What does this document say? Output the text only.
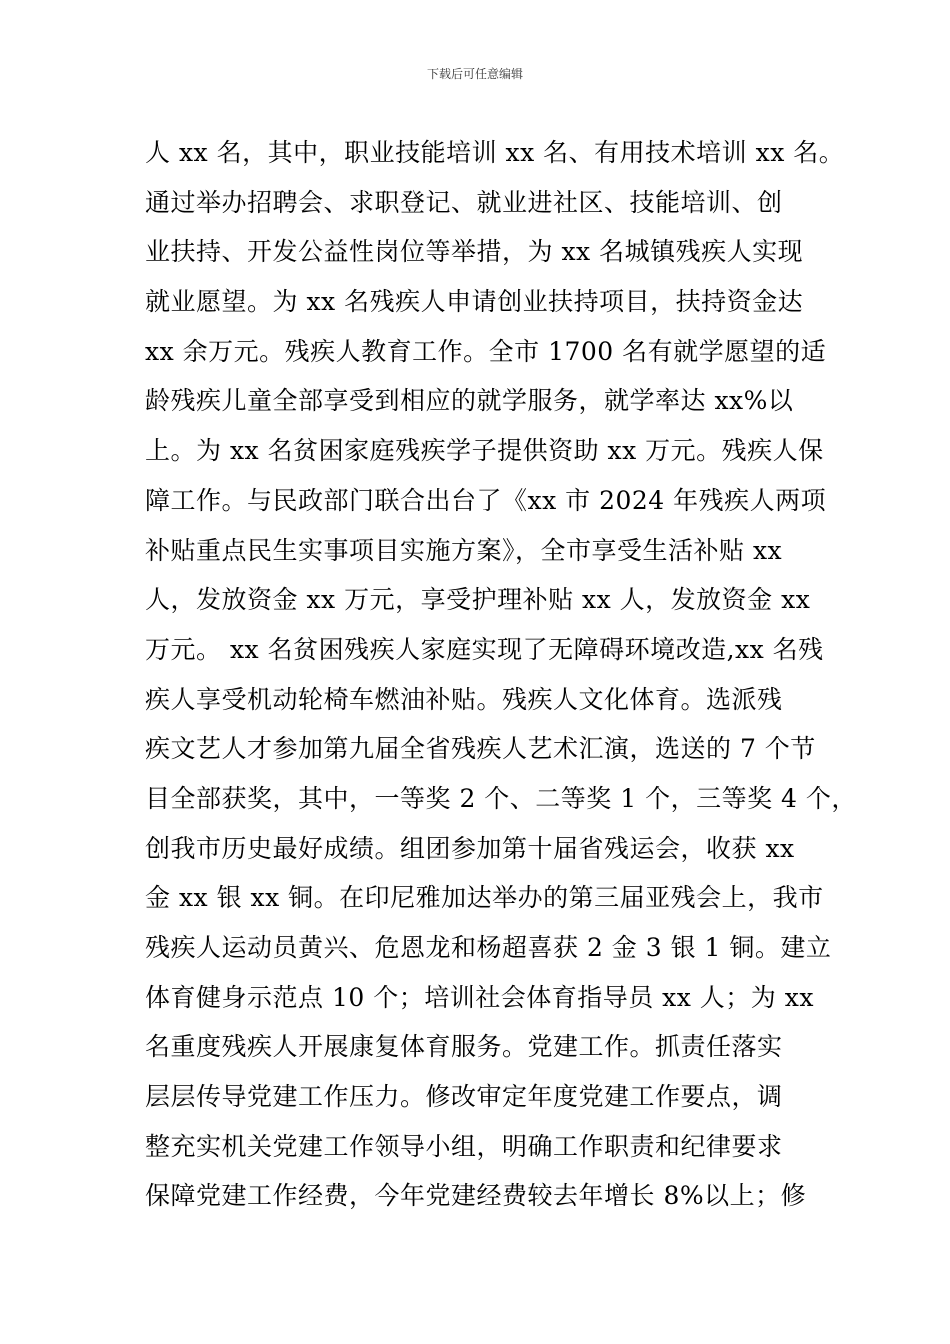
下载后可任意编辑
人 xx 名，其中，职业技能培训 xx 名、有用技术培训 xx 名。
通过举办招聘会、求职登记、就业进社区、技能培训、创
业扶持、开发公益性岗位等举措，为 xx 名城镇残疾人实现
就业愿望。为 xx 名残疾人申请创业扶持项目，扶持资金达
xx 余万元。残疾人教育工作。全市 1700 名有就学愿望的适
龄残疾儿童全部享受到相应的就学服务，就学率达 xx%以
上。为 xx 名贫困家庭残疾学子提供资助 xx 万元。残疾人保
障工作。与民政部门联合出台了《xx 市 2024 年残疾人两项
补贴重点民生实事项目实施方案》，全市享受生活补贴 xx
人，发放资金 xx 万元，享受护理补贴 xx 人，发放资金 xx
万元。 xx 名贫困残疾人家庭实现了无障碍环境改造,xx 名残
疾人享受机动轮椅车燃油补贴。残疾人文化体育。选派残
疾文艺人才参加第九届全省残疾人艺术汇演，选送的 7 个节
目全部获奖，其中，一等奖 2 个、二等奖 1 个，三等奖 4 个，
创我市历史最好成绩。组团参加第十届省残运会，收获 xx
金 xx 银 xx 铜。在印尼雅加达举办的第三届亚残会上，我市
残疾人运动员黄兴、危恩龙和杨超喜获 2 金 3 银 1 铜。建立
体育健身示范点 10 个；培训社会体育指导员 xx 人；为 xx
名重度残疾人开展康复体育服务。党建工作。抓责任落实
层层传导党建工作压力。修改审定年度党建工作要点，调
整充实机关党建工作领导小组，明确工作职责和纪律要求
保障党建工作经费，今年党建经费较去年增长 8%以上；修
